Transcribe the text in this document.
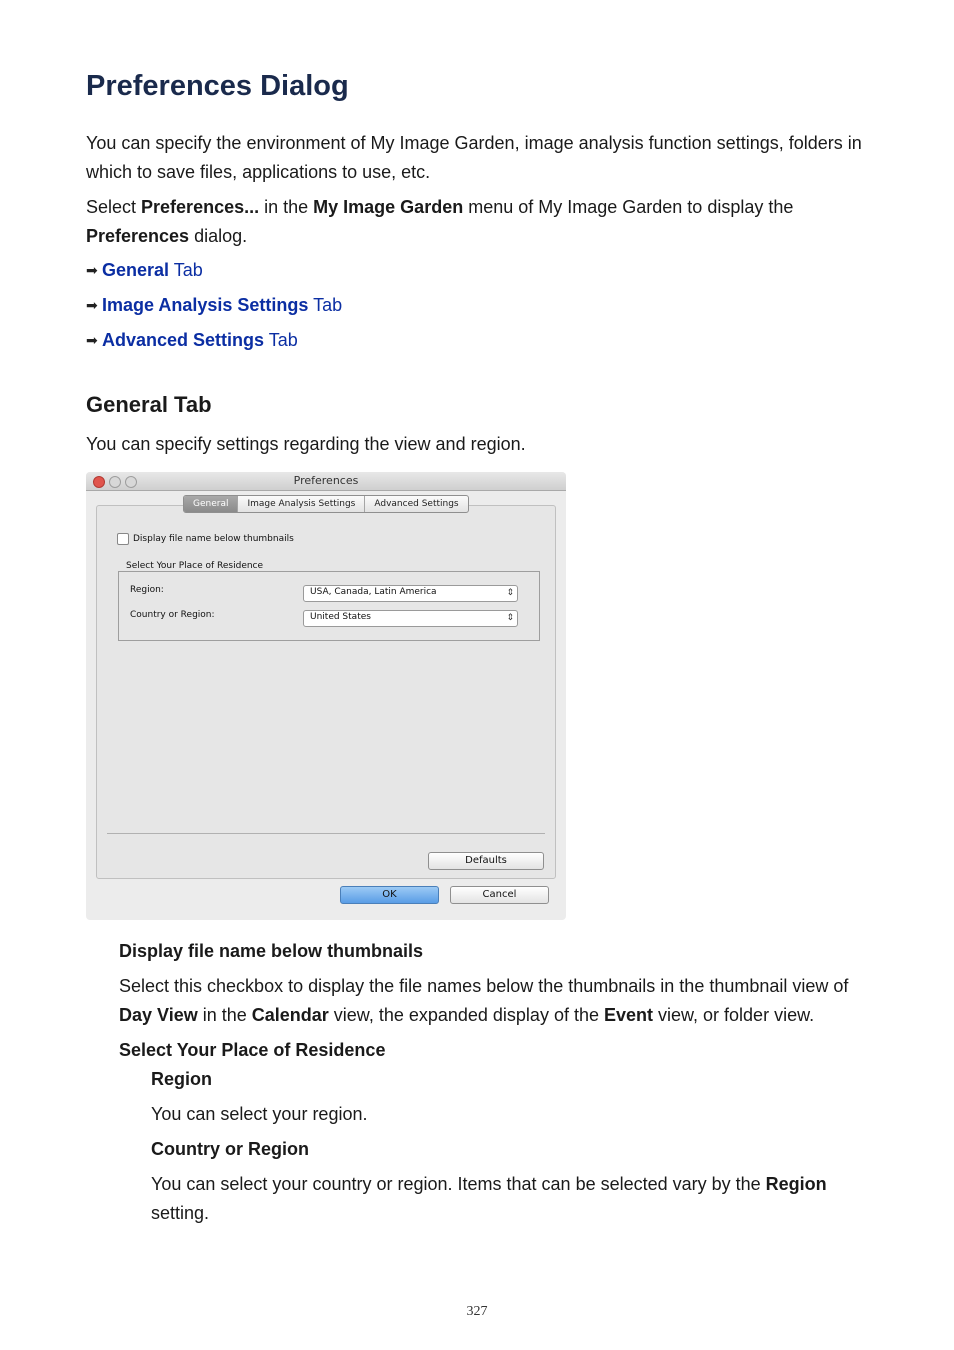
Preferences Dialog

You can specify the environment of My Image Garden, image analysis function settings, folders in which to save files, applications to use, etc.

Select Preferences... in the My Image Garden menu of My Image Garden to display the Preferences dialog.

➡ General Tab
➡ Image Analysis Settings Tab
➡ Advanced Settings Tab
General Tab

You can specify settings regarding the view and region.

Preferences
General	Image Analysis Settings	Advanced Settings
Display file name below thumbnails
Select Your Place of Residence
Region:	USA, Canada, Latin America	⇕
Country or Region:	United States	⇕
Defaults
OK	Cancel

Display file name below thumbnails

Select this checkbox to display the file names below the thumbnails in the thumbnail view of Day View in the Calendar view, the expanded display of the Event view, or folder view.

Select Your Place of Residence

Region

You can select your region.

Country or Region

You can select your country or region. Items that can be selected vary by the Region setting.

327
